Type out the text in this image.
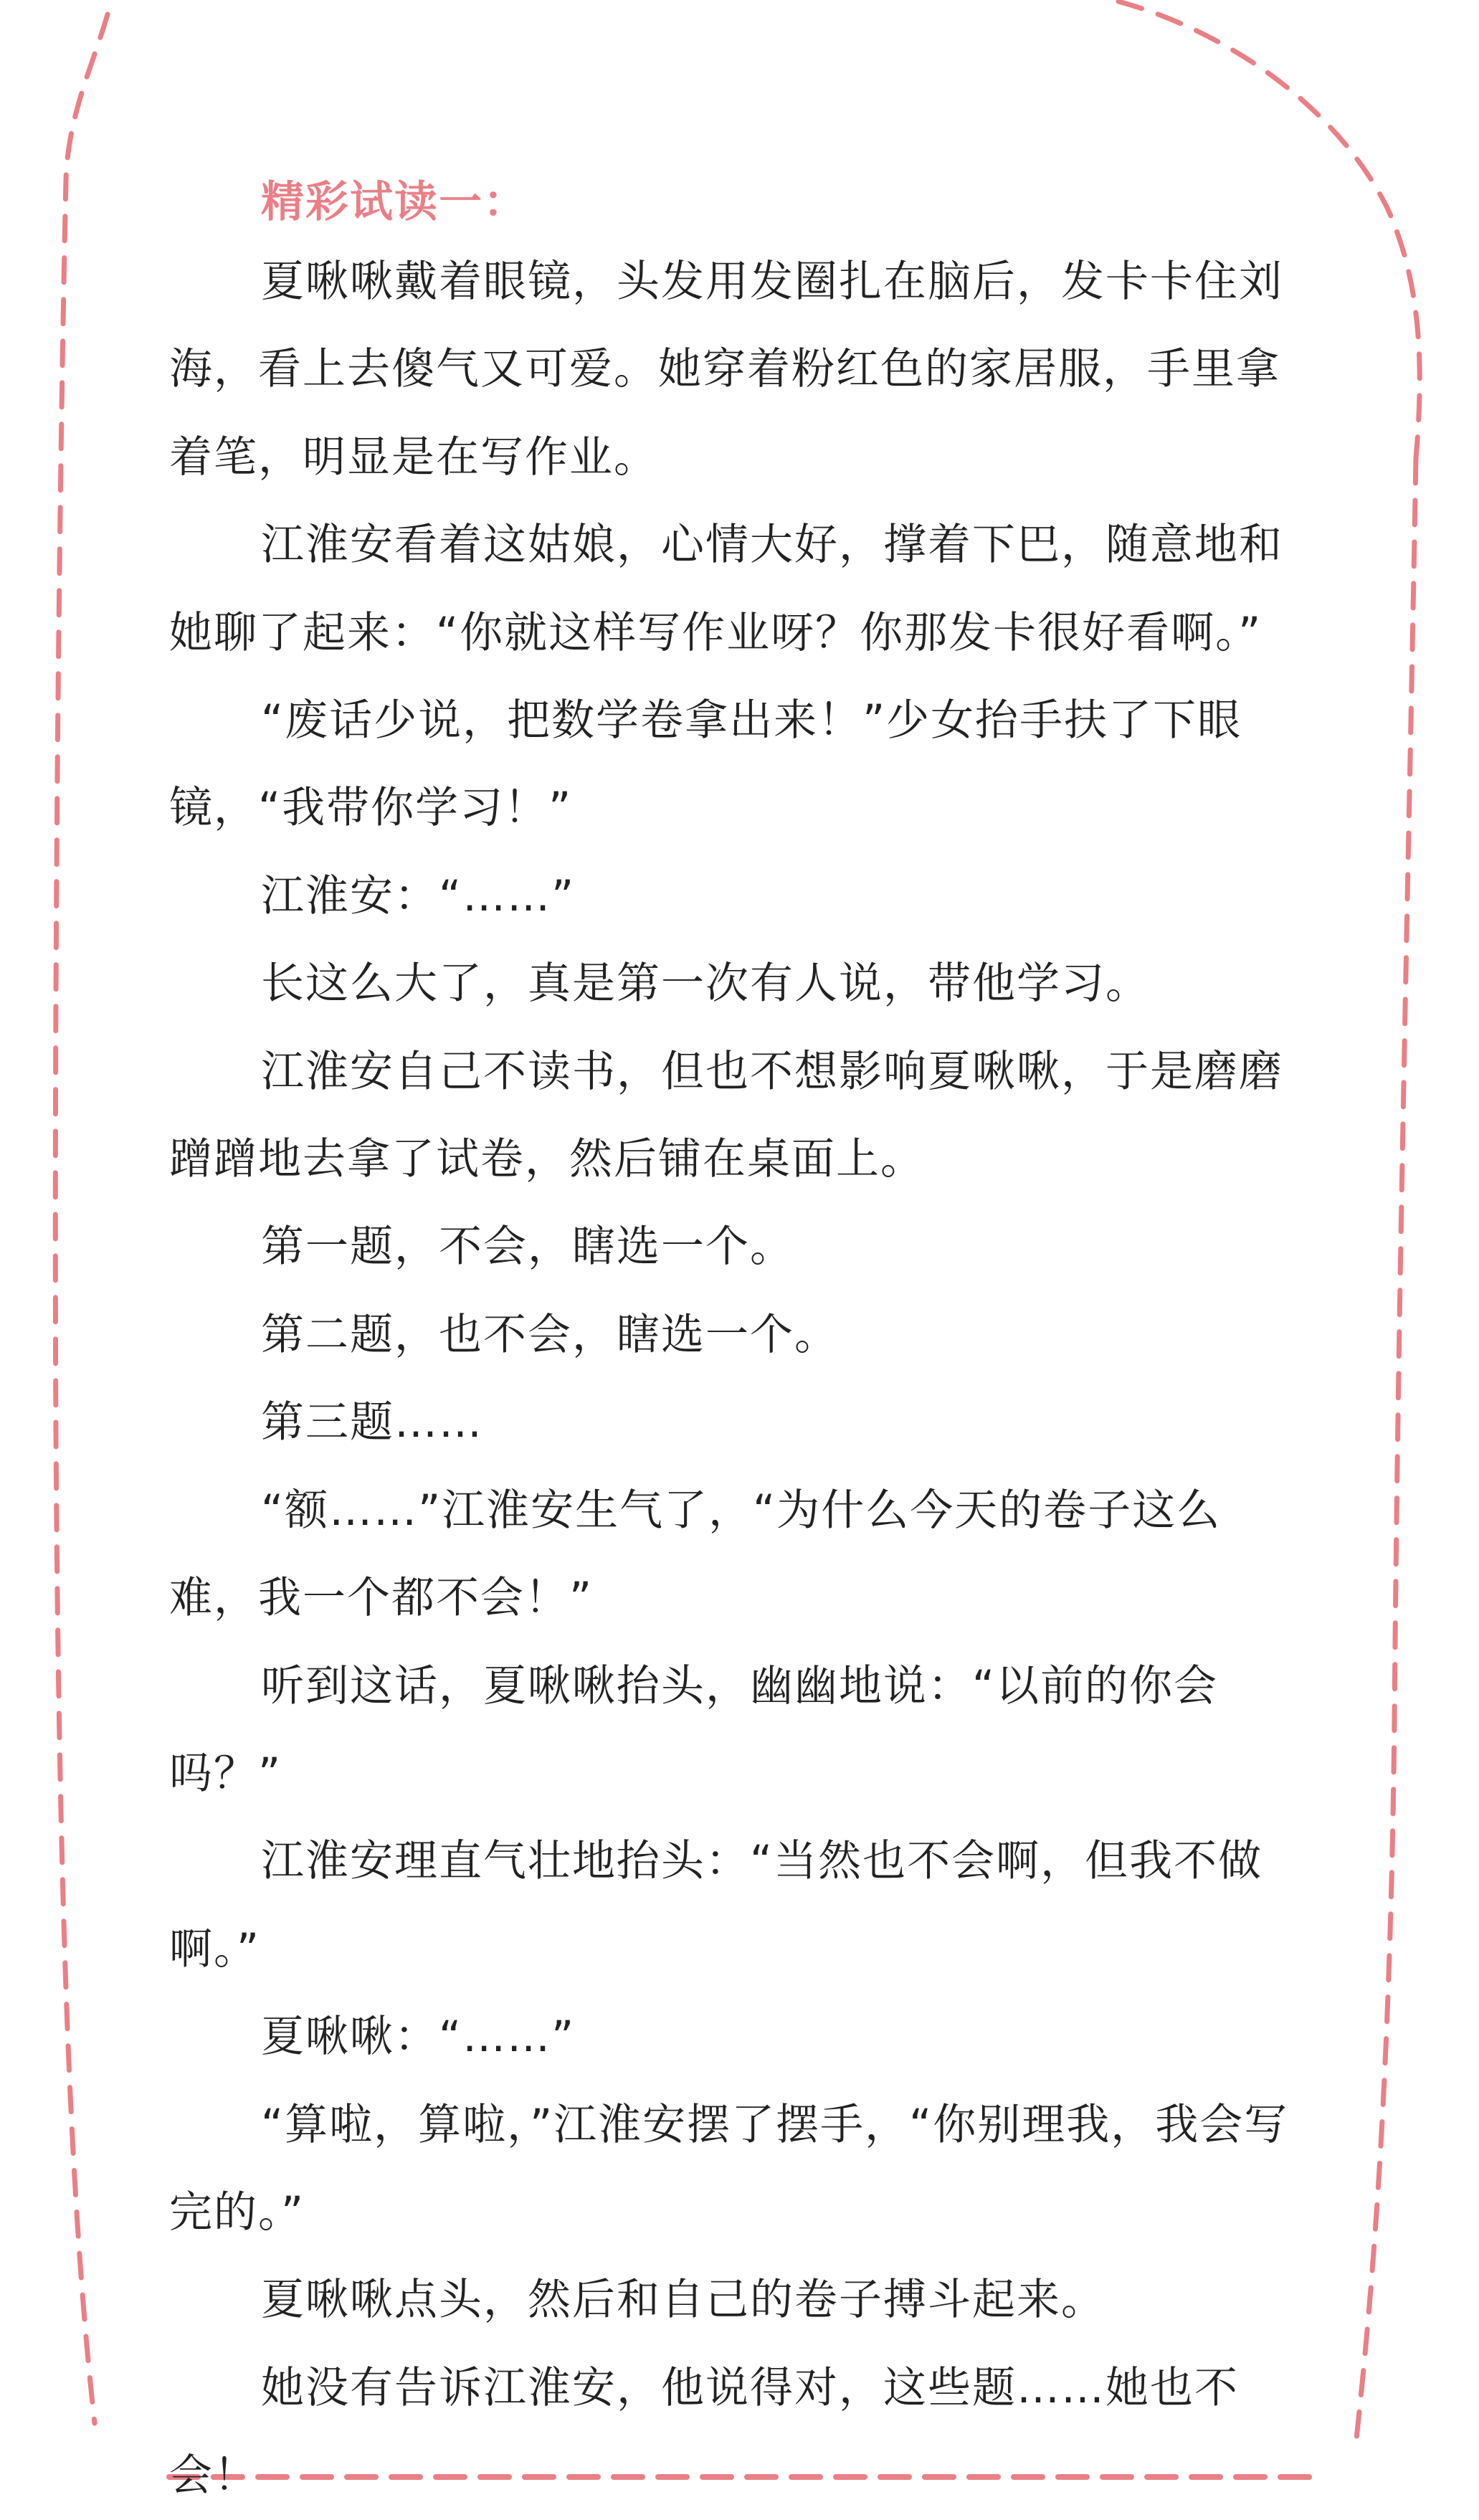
精彩试读一：

夏啾啾戴着眼镜，头发用发圈扎在脑后，发卡卡住刘海，看上去傻气又可爱。她穿着粉红色的家居服，手里拿着笔，明显是在写作业。

江淮安看着这姑娘，心情大好，撑着下巴，随意地和她聊了起来：“你就这样写作业呀？你那发卡很好看啊。”

“废话少说，把数学卷拿出来！”少女抬手扶了下眼镜，“我带你学习！”

江淮安：“……”

长这么大了，真是第一次有人说，带他学习。

江淮安自己不读书，但也不想影响夏啾啾，于是磨磨蹭蹭地去拿了试卷，然后铺在桌面上。

第一题，不会，瞎选一个。

第二题，也不会，瞎选一个。

第三题……

“额……”江淮安生气了，“为什么今天的卷子这么难，我一个都不会！”

听到这话，夏啾啾抬头，幽幽地说：“以前的你会吗？”

江淮安理直气壮地抬头：“当然也不会啊，但我不做啊。”

夏啾啾：“……”

“算啦，算啦，”江淮安摆了摆手，“你别理我，我会写完的。”

夏啾啾点头，然后和自己的卷子搏斗起来。

她没有告诉江淮安，他说得对，这些题……她也不会！
